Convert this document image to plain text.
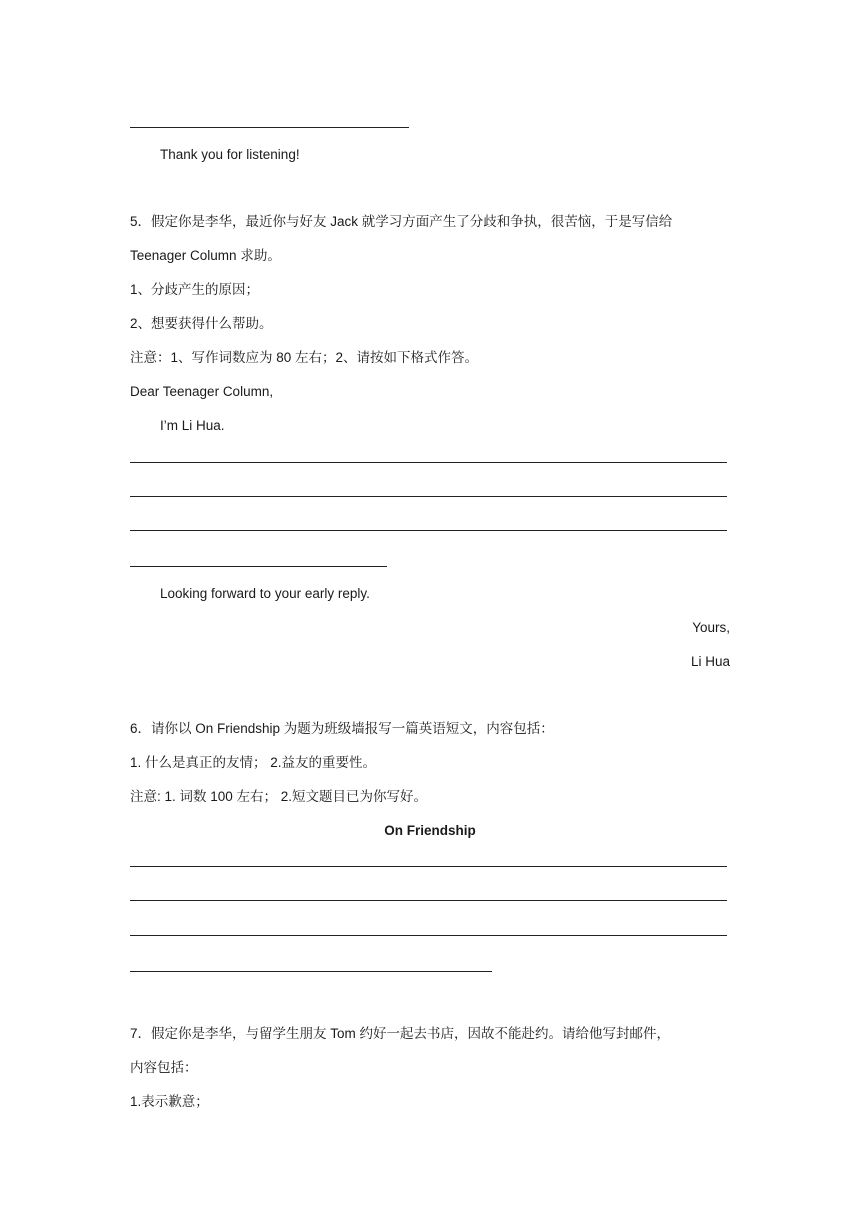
Thank you for listening!
5．假定你是李华，最近你与好友 Jack 就学习方面产生了分歧和争执，很苦恼，于是写信给
Teenager Column 求助。
1、分歧产生的原因；
2、想要获得什么帮助。
注意：1、写作词数应为 80 左右；2、请按如下格式作答。
Dear Teenager Column,
I’m Li Hua.
Looking forward to your early reply.
Yours,
Li Hua
6．请你以 On Friendship 为题为班级墙报写一篇英语短文，内容包括：
1. 什么是真正的友情； 2.益友的重要性。
注意: 1. 词数 100 左右； 2.短文题目已为你写好。
On Friendship
7．假定你是李华，与留学生朋友 Tom 约好一起去书店，因故不能赴约。请给他写封邮件，
内容包括：
1.表示歉意；
